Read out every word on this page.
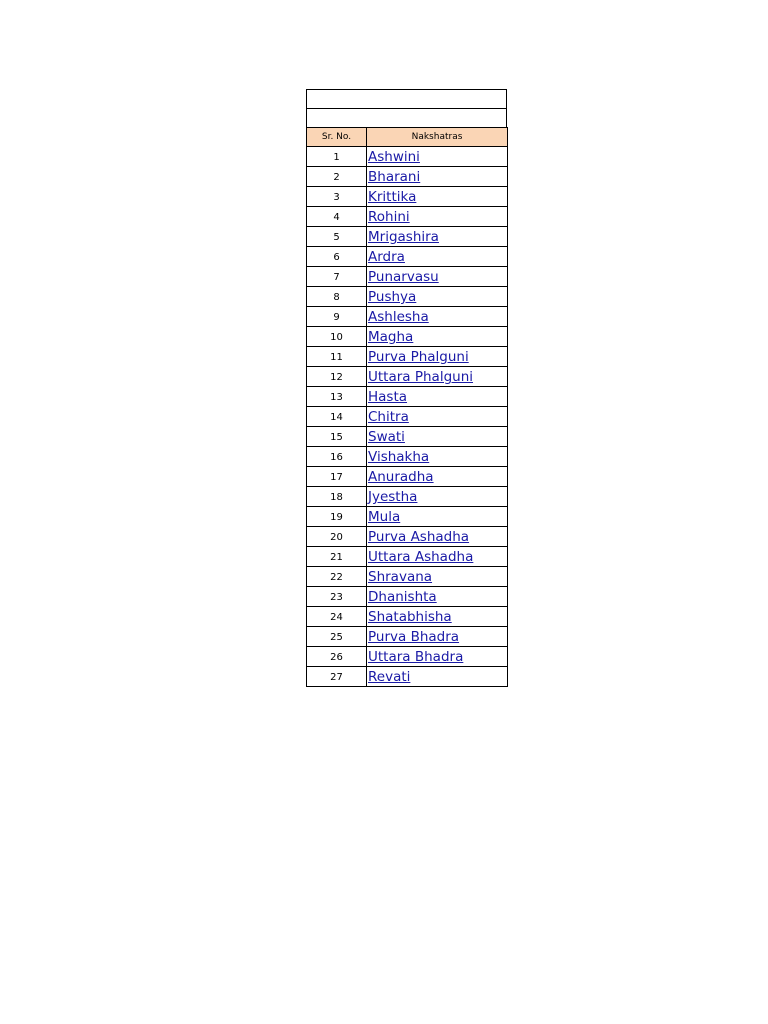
Sr. No.	Nakshatras
1	Ashwini
2	Bharani
3	Krittika
4	Rohini
5	Mrigashira
6	Ardra
7	Punarvasu
8	Pushya
9	Ashlesha
10	Magha
11	Purva Phalguni
12	Uttara Phalguni
13	Hasta
14	Chitra
15	Swati
16	Vishakha
17	Anuradha
18	Jyestha
19	Mula
20	Purva Ashadha
21	Uttara Ashadha
22	Shravana
23	Dhanishta
24	Shatabhisha
25	Purva Bhadra
26	Uttara Bhadra
27	Revati
